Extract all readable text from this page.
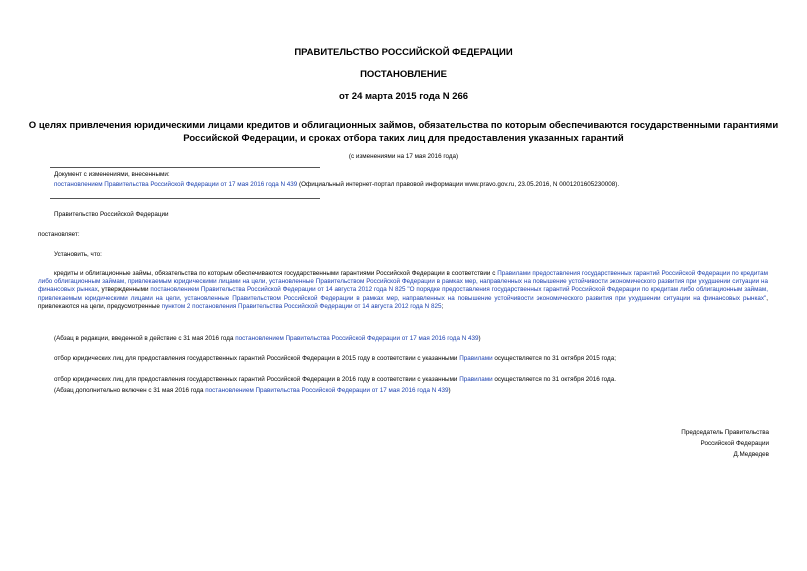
ПРАВИТЕЛЬСТВО РОССИЙСКОЙ ФЕДЕРАЦИИ
ПОСТАНОВЛЕНИЕ
от 24 марта 2015 года N 266
О целях привлечения юридическими лицами кредитов и облигационных займов, обязательства по которым обеспечиваются государственными гарантиями
Российской Федерации, и сроках отбора таких лиц для предоставления указанных гарантий
(с изменениями на 17 мая 2016 года)
Документ с изменениями, внесенными:
постановлением Правительства Российской Федерации от 17 мая 2016 года N 439 (Официальный интернет-портал правовой информации www.pravo.gov.ru, 23.05.2016, N 0001201605230008).
Правительство Российской Федерации
постановляет:
Установить, что:
кредиты и облигационные займы, обязательства по которым обеспечиваются государственными гарантиями Российской Федерации в соответствии с Правилами предоставления государственных гарантий Российской Федерации по кредитам либо облигационным займам, привлекаемым юридическими лицами на цели, установленные Правительством Российской Федерации в рамках мер, направленных на повышение устойчивости экономического развития при ухудшении ситуации на финансовых рынках, утвержденными постановлением Правительства Российской Федерации от 14 августа 2012 года N 825 "О порядке предоставления государственных гарантий Российской Федерации по кредитам либо облигационным займам, привлекаемым юридическими лицами на цели, установленные Правительством Российской Федерации в рамках мер, направленных на повышение устойчивости экономического развития при ухудшении ситуации на финансовых рынках", привлекаются на цели, предусмотренные пунктом 2 постановления Правительства Российской Федерации от 14 августа 2012 года N 825;
(Абзац в редакции, введенной в действие с 31 мая 2016 года постановлением Правительства Российской Федерации от 17 мая 2016 года N 439)
отбор юридических лиц для предоставления государственных гарантий Российской Федерации в 2015 году в соответствии с указанными Правилами осуществляется по 31 октября 2015 года;
отбор юридических лиц для предоставления государственных гарантий Российской Федерации в 2016 году в соответствии с указанными Правилами осуществляется по 31 октября 2016 года.
(Абзац дополнительно включен с 31 мая 2016 года постановлением Правительства Российской Федерации от 17 мая 2016 года N 439)
Председатель Правительства
Российской Федерации
Д.Медведев
